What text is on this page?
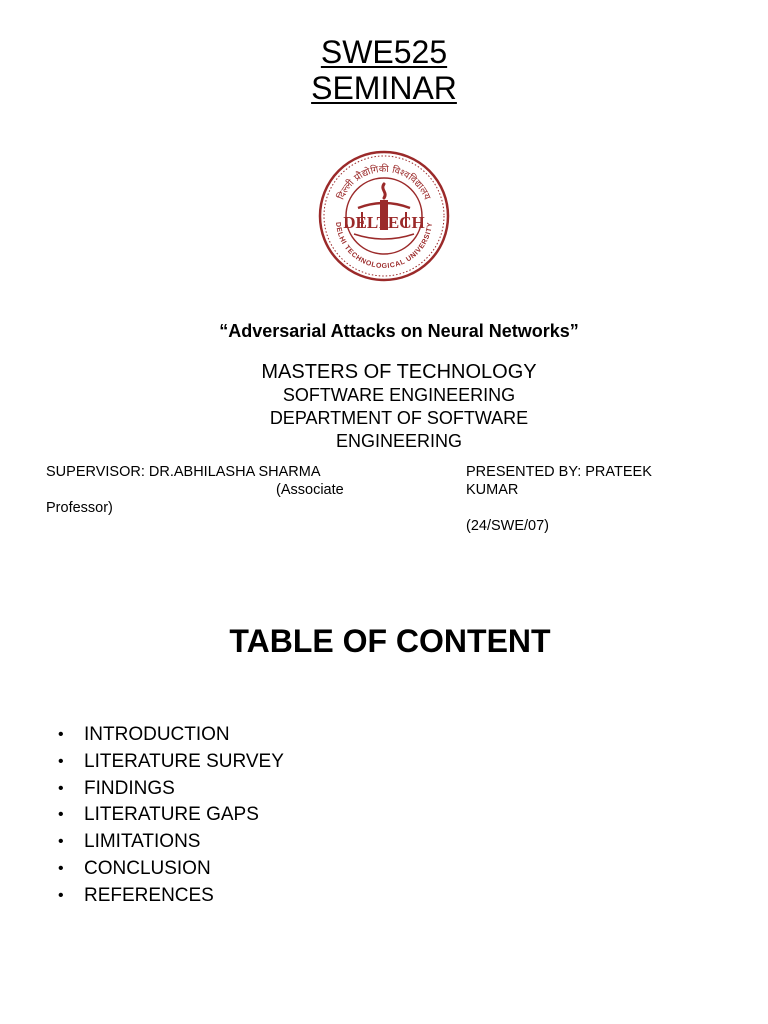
SWE525
SEMINAR
दिल्ली प्रौद्योगिकी विश्वविद्यालय
DELHI TECHNOLOGICAL UNIVERSITY
DELTECH
“Adversarial Attacks on Neural Networks”
MASTERS OF TECHNOLOGY
SOFTWARE ENGINEERING
DEPARTMENT OF SOFTWARE
ENGINEERING
SUPERVISOR: DR.ABHILASHA SHARMA
(Associate
Professor)
PRESENTED BY: PRATEEK KUMAR
(24/SWE/07)
TABLE OF CONTENT
•	INTRODUCTION
•	LITERATURE SURVEY
•	FINDINGS
•	LITERATURE GAPS
•	LIMITATIONS
•	CONCLUSION
•	REFERENCES
